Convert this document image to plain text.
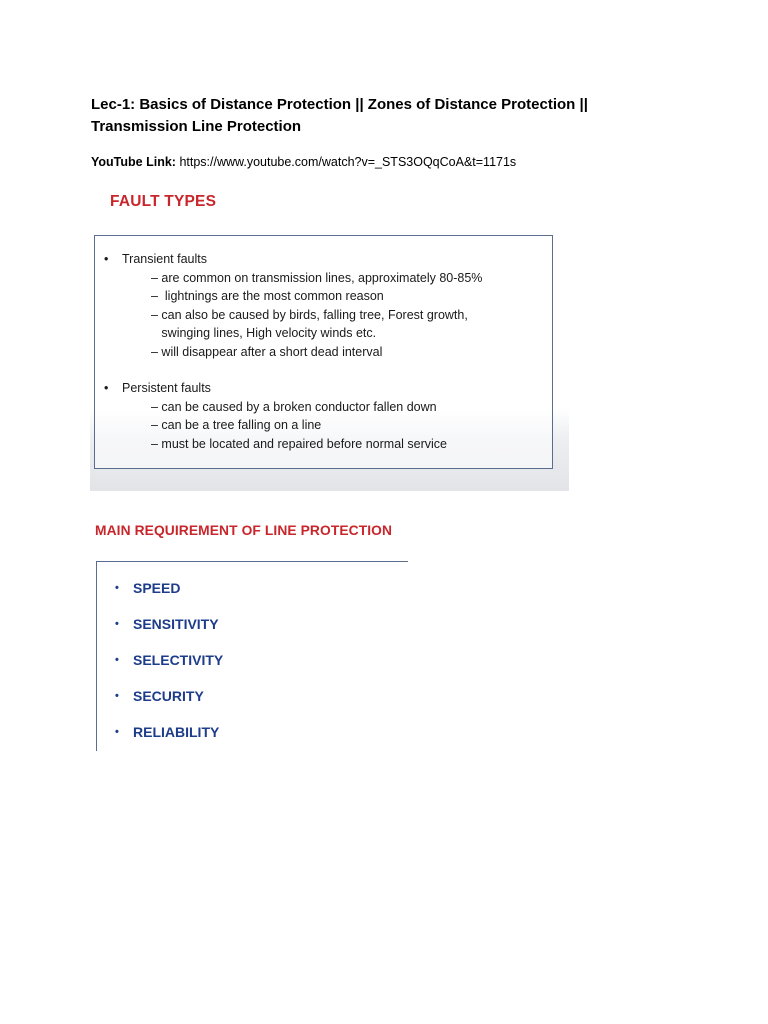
Lec-1: Basics of Distance Protection || Zones of Distance Protection || Transmission Line Protection
YouTube Link: https://www.youtube.com/watch?v=_STS3OQqCoA&t=1171s
FAULT TYPES
• Transient faults
– are common on transmission lines, approximately 80-85%
–  lightnings are the most common reason
– can also be caused by birds, falling tree, Forest growth,
swinging lines, High velocity winds etc.
– will disappear after a short dead interval
• Persistent faults
– can be caused by a broken conductor fallen down
– can be a tree falling on a line
– must be located and repaired before normal service
MAIN REQUIREMENT OF LINE PROTECTION
• SPEED
• SENSITIVITY
• SELECTIVITY
• SECURITY
• RELIABILITY
